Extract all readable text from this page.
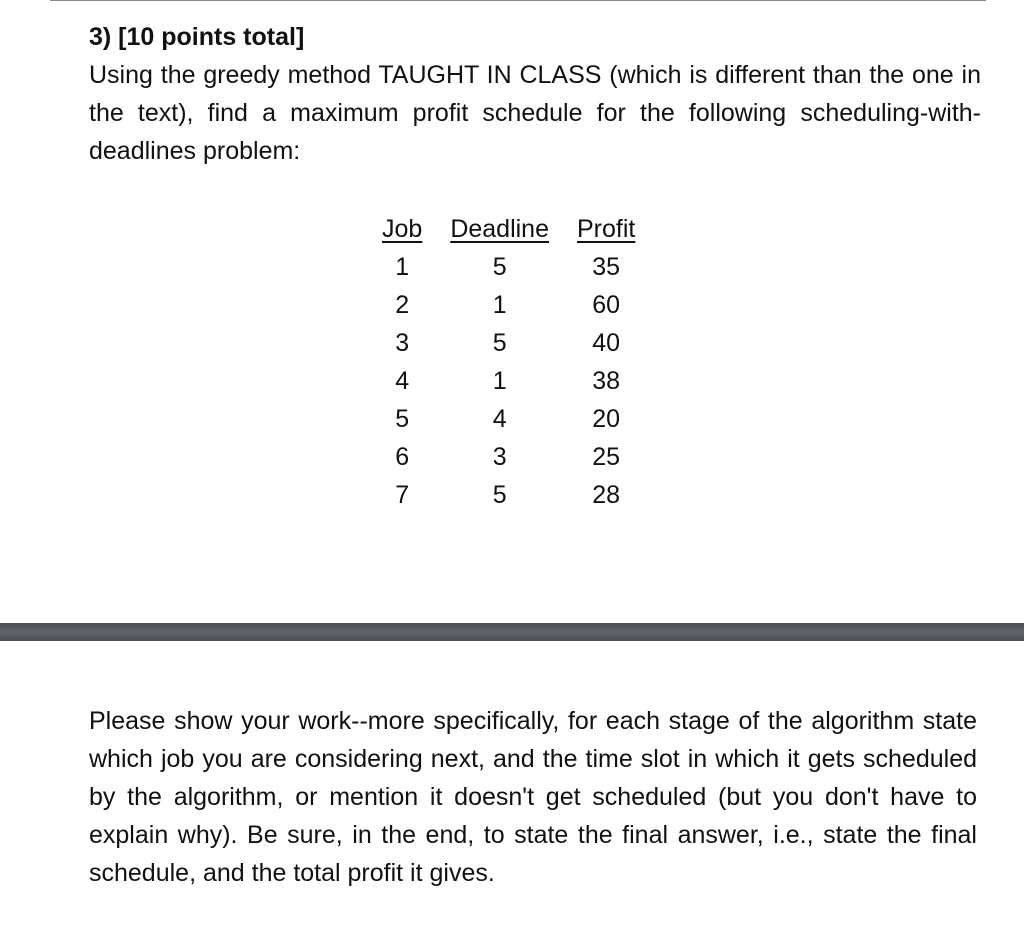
3) [10 points total]
Using the greedy method TAUGHT IN CLASS (which is different than the one in the text), find a maximum profit schedule for the following scheduling-with-deadlines problem:
Job	Deadline	Profit
1	5	35
2	1	60
3	5	40
4	1	38
5	4	20
6	3	25
7	5	28
Please show your work--more specifically, for each stage of the algorithm state which job you are considering next, and the time slot in which it gets scheduled by the algorithm, or mention it doesn't get scheduled (but you don't have to explain why). Be sure, in the end, to state the final answer, i.e., state the final schedule, and the total profit it gives.
